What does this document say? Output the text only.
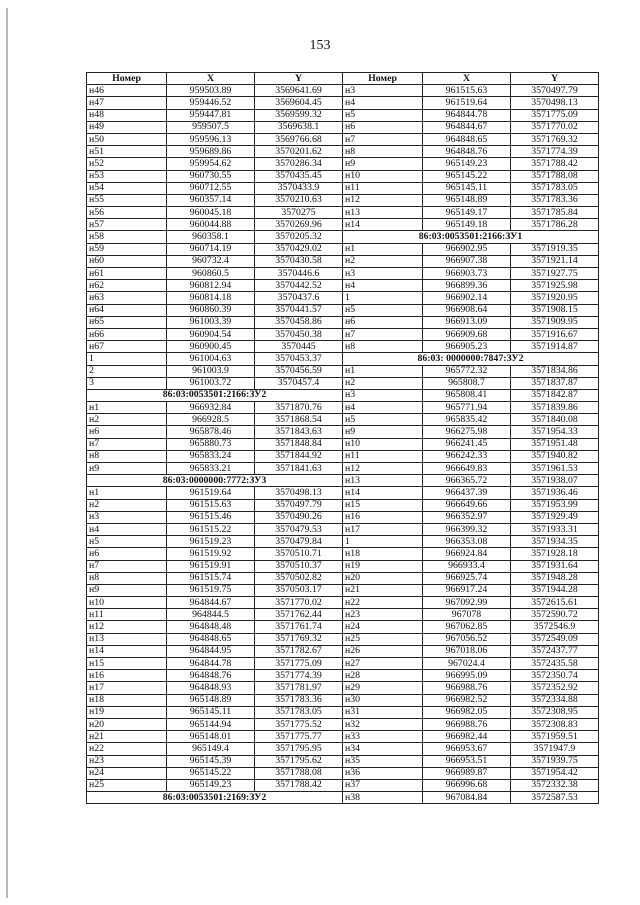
153
Номер	X	Y	Номер	X	Y
н46	959503.89	3569641.69	н3	961515.63	3570497.79
н47	959446.52	3569604.45	н4	961519.64	3570498.13
н48	959447.81	3569599.32	н5	964844.78	3571775.09
н49	959507.5	3569638.1	н6	964844.67	3571770.02
н50	959596.13	3569766.68	н7	964848.65	3571769.32
н51	959689.86	3570201.62	н8	964848.76	3571774.39
н52	959954.62	3570286.34	н9	965149.23	3571788.42
н53	960730.55	3570435.45	н10	965145.22	3571788.08
н54	960712.55	3570433.9	н11	965145.11	3571783.05
н55	960357.14	3570210.63	н12	965148.89	3571783.36
н56	960045.18	3570275	н13	965149.17	3571785.84
н57	960044.88	3570269.96	н14	965149.18	3571786.28
н58	960358.1	3570205.32	86:03:0053501:2166:ЗУ1		
н59	960714.19	3570429.02	н1	966902.95	3571919.35
н60	960732.4	3570430.58	н2	966907.38	3571921.14
н61	960860.5	3570446.6	н3	966903.73	3571927.75
н62	960812.94	3570442.52	н4	966899.36	3571925.98
н63	960814.18	3570437.6	1	966902.14	3571920.95
н64	960860.39	3570441.57	н5	966908.64	3571908.15
н65	961003.39	3570458.86	н6	966913.09	3571909.95
н66	960904.54	3570450.38	н7	966909.68	3571916.67
н67	960900.45	3570445	н8	966905.23	3571914.87
1	961004.63	3570453.37	86:03: 0000000:7847:ЗУ2		
2	961003.9	3570456.59	н1	965772.32	3571834.86
3	961003.72	3570457.4	н2	965808.7	3571837.87
86:03:0053501:2166:ЗУ2			н3	965808.41	3571842.87
н1	966932.84	3571870.76	н4	965771.94	3571839.86
н2	966928.5	3571868.54	н5	965835.42	3571840.08
н6	965878.46	3571843.63	н9	966275.98	3571954.33
н7	965880.73	3571848.84	н10	966241.45	3571951.48
н8	965833.24	3571844.92	н11	966242.33	3571940.82
н9	965833.21	3571841.63	н12	966649.83	3571961.53
86:03:0000000:7772:ЗУ3			н13	966365.72	3571938.07
н1	961519.64	3570498.13	н14	966437.39	3571936.46
н2	961515.63	3570497.79	н15	966649.66	3571953.99
н3	961515.46	3570490.26	н16	966352.97	3571929.49
н4	961515.22	3570479.53	н17	966399.32	3571933.31
н5	961519.23	3570479.84	1	966353.08	3571934.35
н6	961519.92	3570510.71	н18	966924.84	3571928.18
н7	961519.91	3570510.37	н19	966933.4	3571931.64
н8	961515.74	3570502.82	н20	966925.74	3571948.28
н9	961519.75	3570503.17	н21	966917.24	3571944.28
н10	964844.67	3571770.02	н22	967092.99	3572615.61
н11	964844.5	3571762.44	н23	967078	3572590.72
н12	964848.48	3571761.74	н24	967062.85	3572546.9
н13	964848.65	3571769.32	н25	967056.52	3572549.09
н14	964844.95	3571782.67	н26	967018.06	3572437.77
н15	964844.78	3571775.09	н27	967024.4	3572435.58
н16	964848.76	3571774.39	н28	966995.09	3572350.74
н17	964848.93	3571781.97	н29	966988.76	3572352.92
н18	965148.89	3571783.36	н30	966982.52	3572334.88
н19	965145.11	3571783.05	н31	966982.05	3572308.95
н20	965144.94	3571775.52	н32	966988.76	3572308.83
н21	965148.01	3571775.77	н33	966982.44	3571959.51
н22	965149.4	3571795.95	н34	966953.67	3571947.9
н23	965145.39	3571795.62	н35	966953.51	3571939.75
н24	965145.22	3571788.08	н36	966989.87	3571954.42
н25	965149.23	3571788.42	н37	966996.68	3572332.38
86:03:0053501:2169:ЗУ2			н38	967084.84	3572587.53
